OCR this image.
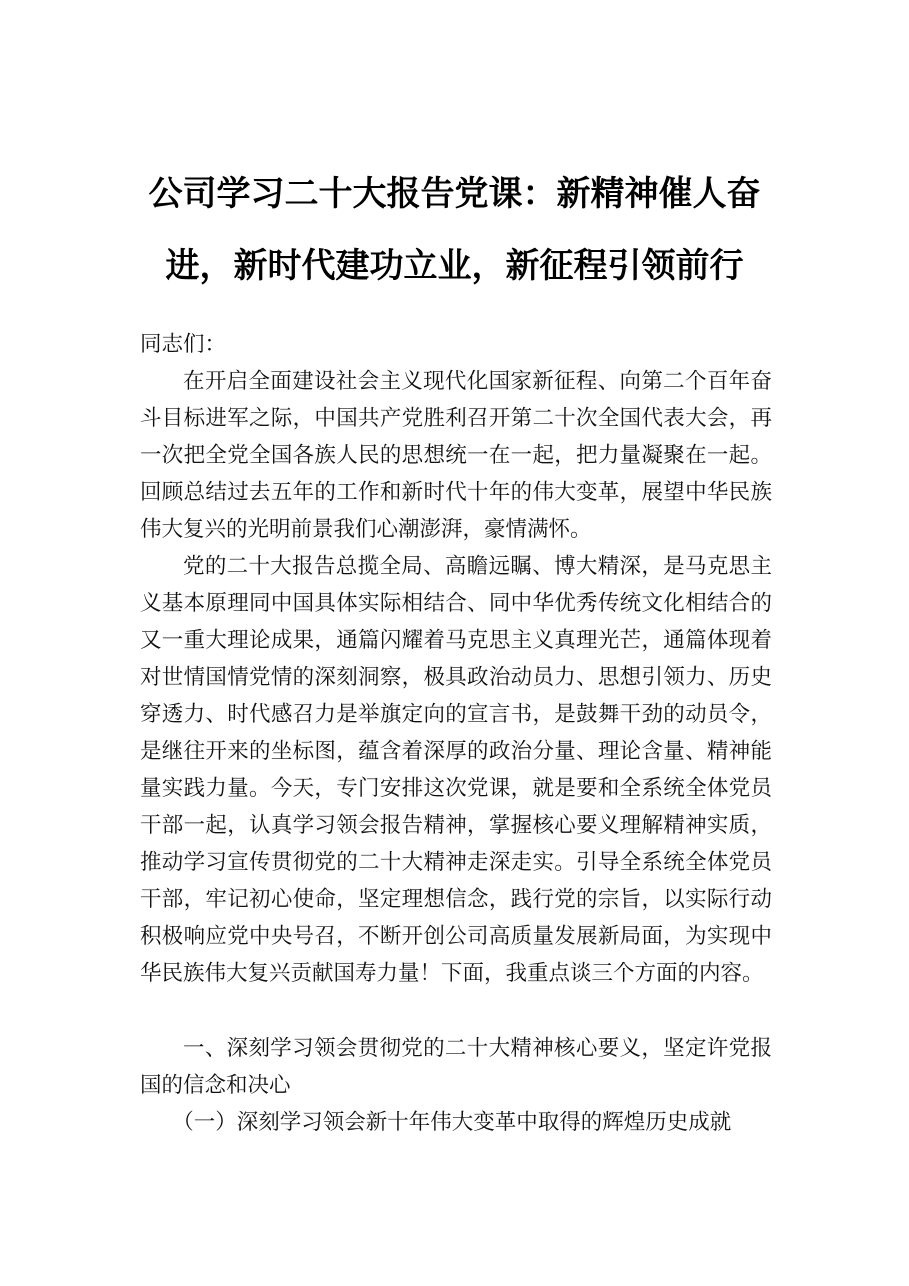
公司学习二十大报告党课：新精神催人奋
进，新时代建功立业，新征程引领前行

同志们：

在开启全面建设社会主义现代化国家新征程、向第二个百年奋斗目标进军之际，中国共产党胜利召开第二十次全国代表大会，再一次把全党全国各族人民的思想统一在一起，把力量凝聚在一起。回顾总结过去五年的工作和新时代十年的伟大变革，展望中华民族伟大复兴的光明前景我们心潮澎湃，豪情满怀。

党的二十大报告总揽全局、高瞻远瞩、博大精深，是马克思主义基本原理同中国具体实际相结合、同中华优秀传统文化相结合的又一重大理论成果，通篇闪耀着马克思主义真理光芒，通篇体现着对世情国情党情的深刻洞察，极具政治动员力、思想引领力、历史穿透力、时代感召力是举旗定向的宣言书，是鼓舞干劲的动员令，是继往开来的坐标图，蕴含着深厚的政治分量、理论含量、精神能量实践力量。今天，专门安排这次党课，就是要和全系统全体党员干部一起，认真学习领会报告精神，掌握核心要义理解精神实质，推动学习宣传贯彻党的二十大精神走深走实。引导全系统全体党员干部，牢记初心使命，坚定理想信念，践行党的宗旨，以实际行动积极响应党中央号召，不断开创公司高质量发展新局面，为实现中华民族伟大复兴贡献国寿力量！下面，我重点谈三个方面的内容。

一、深刻学习领会贯彻党的二十大精神核心要义，坚定许党报国的信念和决心

（一）深刻学习领会新十年伟大变革中取得的辉煌历史成就
